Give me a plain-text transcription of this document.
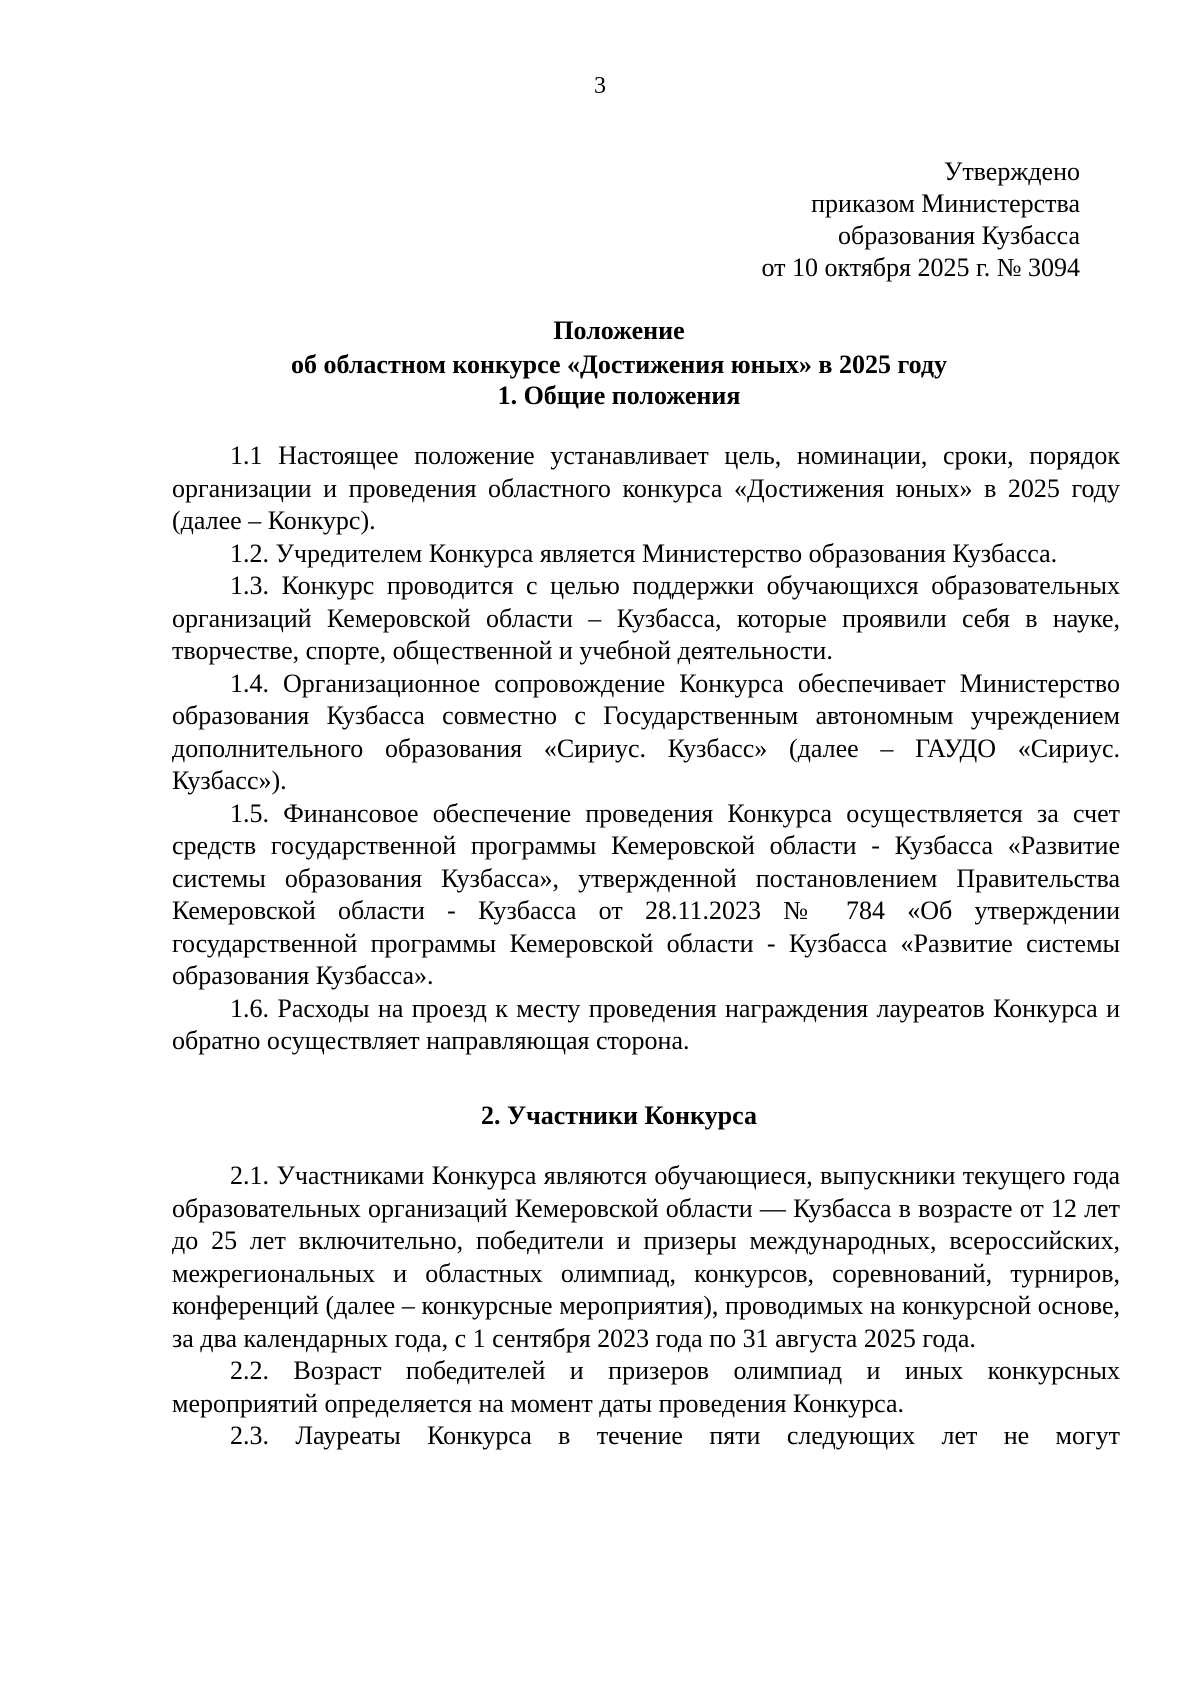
3
Утверждено
приказом Министерства
образования Кузбасса
от 10 октября 2025 г. № 3094
Положение
об областном конкурсе «Достижения юных» в 2025 году
1. Общие положения

1.1 Настоящее положение устанавливает цель, номинации, сроки, порядок организации и проведения областного конкурса «Достижения юных» в 2025 году (далее – Конкурс).

1.2. Учредителем Конкурса является Министерство образования Кузбасса.

1.3. Конкурс проводится с целью поддержки обучающихся образовательных организаций Кемеровской области – Кузбасса, которые проявили себя в науке, творчестве, спорте, общественной и учебной деятельности.

1.4. Организационное сопровождение Конкурса обеспечивает Министерство образования Кузбасса совместно с Государственным автономным учреждением дополнительного образования «Сириус. Кузбасс» (далее – ГАУДО «Сириус. Кузбасс»).

1.5. Финансовое обеспечение проведения Конкурса осуществляется за счет средств государственной программы Кемеровской области - Кузбасса «Развитие системы образования Кузбасса», утвержденной постановлением Правительства Кемеровской области - Кузбасса от 28.11.2023 № 784 «Об утверждении государственной программы Кемеровской области - Кузбасса «Развитие системы образования Кузбасса».

1.6. Расходы на проезд к месту проведения награждения лауреатов Конкурса и обратно осуществляет направляющая сторона.

2. Участники Конкурса

2.1. Участниками Конкурса являются обучающиеся, выпускники текущего года образовательных организаций Кемеровской области — Кузбасса в возрасте от 12 лет до 25 лет включительно, победители и призеры международных, всероссийских, межрегиональных и областных олимпиад, конкурсов, соревнований, турниров, конференций (далее – конкурсные мероприятия), проводимых на конкурсной основе, за два календарных года, с 1 сентября 2023 года по 31 августа 2025 года.

2.2. Возраст победителей и призеров олимпиад и иных конкурсных мероприятий определяется на момент даты проведения Конкурса.

2.3. Лауреаты Конкурса в течение пяти следующих лет не могут
